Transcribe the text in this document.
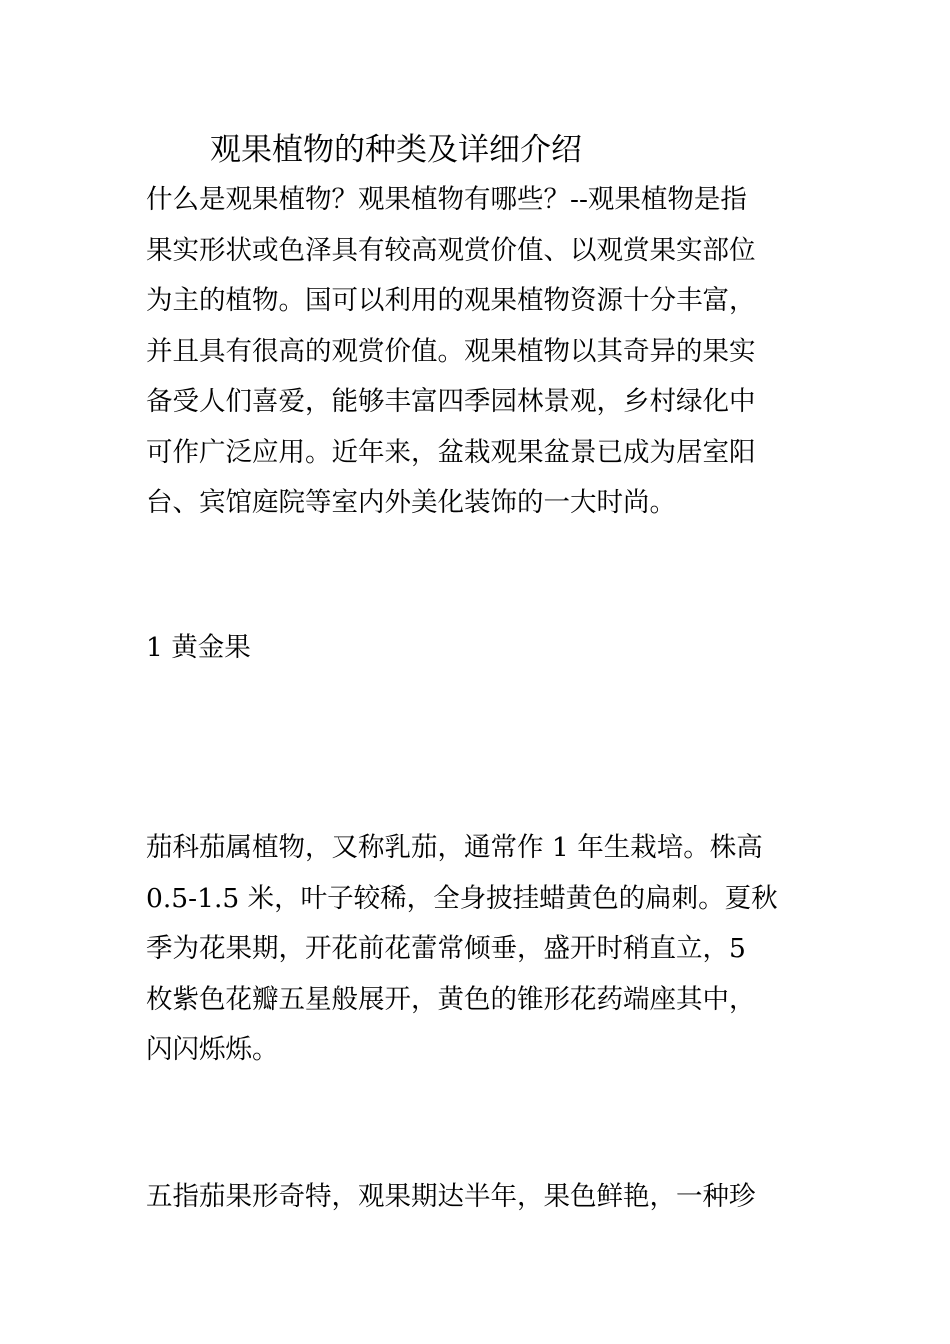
观果植物的种类及详细介绍
什么是观果植物？观果植物有哪些？--观果植物是指
果实形状或色泽具有较高观赏价值、以观赏果实部位
为主的植物。国可以利用的观果植物资源十分丰富，
并且具有很高的观赏价值。观果植物以其奇异的果实
备受人们喜爱，能够丰富四季园林景观，乡村绿化中
可作广泛应用。近年来，盆栽观果盆景已成为居室阳
台、宾馆庭院等室内外美化装饰的一大时尚。
1 黄金果
茄科茄属植物，又称乳茄，通常作 1 年生栽培。株高
0.5-1.5 米，叶子较稀，全身披挂蜡黄色的扁刺。夏秋
季为花果期，开花前花蕾常倾垂，盛开时稍直立，5
枚紫色花瓣五星般展开，黄色的锥形花药端座其中，
闪闪烁烁。
五指茄果形奇特，观果期达半年，果色鲜艳，一种珍
